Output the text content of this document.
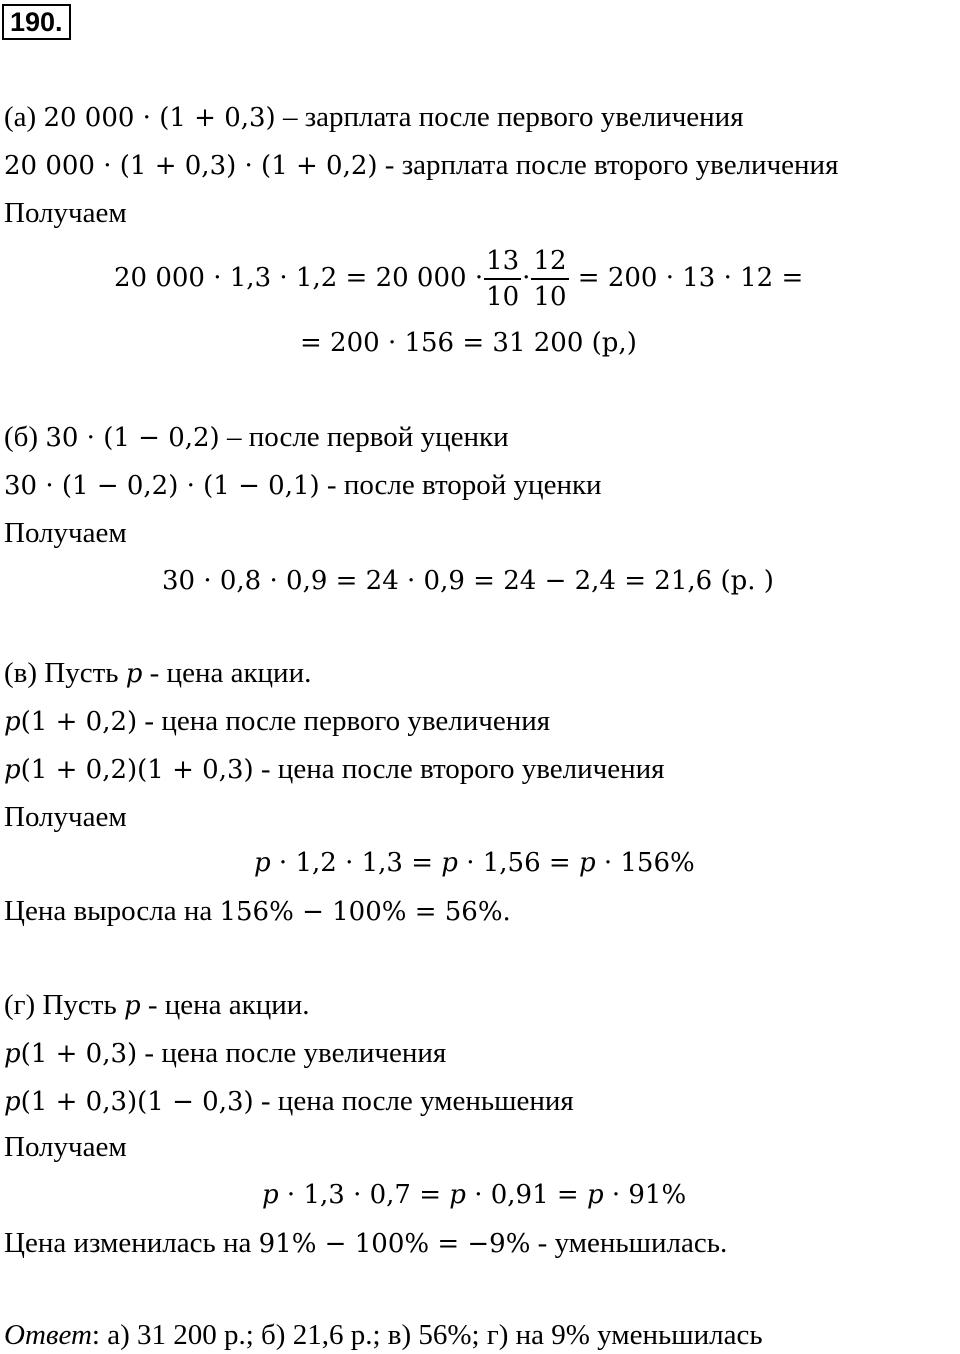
190.
(а) 20 000 · (1 + 0,3) – зарплата после первого увеличения
20 000 · (1 + 0,3) · (1 + 0,2) - зарплата после второго увеличения
Получаем
20 000 · 1,3 · 1,2 = 20 $000 \cdot \frac{13}{10} \cdot \frac{12}{10} = 200 \cdot 13 \cdot 12$ =
= 200 · 156 = 31 200 (р,)
(б) 30 · (1 − 0,2) – после первой уценки
30 · (1 − 0,2) · (1 − 0,1) - после второй уценки
Получаем
30 · 0,8 · 0,9 = 24 · 0,9 = 24 − 2,4 = 21,6 (р. )
(в) Пусть p - цена акции.
p(1 + 0,2) - цена после первого увеличения
p(1 + 0,2)(1 + 0,3) - цена после второго увеличения
Получаем
p · 1,2 · 1,3 = p · 1,56 = p · 156%
Цена выросла на 156% − 100% = 56%.
(г) Пусть p - цена акции.
p(1 + 0,3) - цена после увеличения
p(1 + 0,3)(1 − 0,3) - цена после уменьшения
Получаем
p · 1,3 · 0,7 = p · 0,91 = p · 91%
Цена изменилась на 91% − 100% = −9% - уменьшилась.
Ответ: а) 31 200 р.; б) 21,6 р.; в) 56%; г) на 9% уменьшилась
